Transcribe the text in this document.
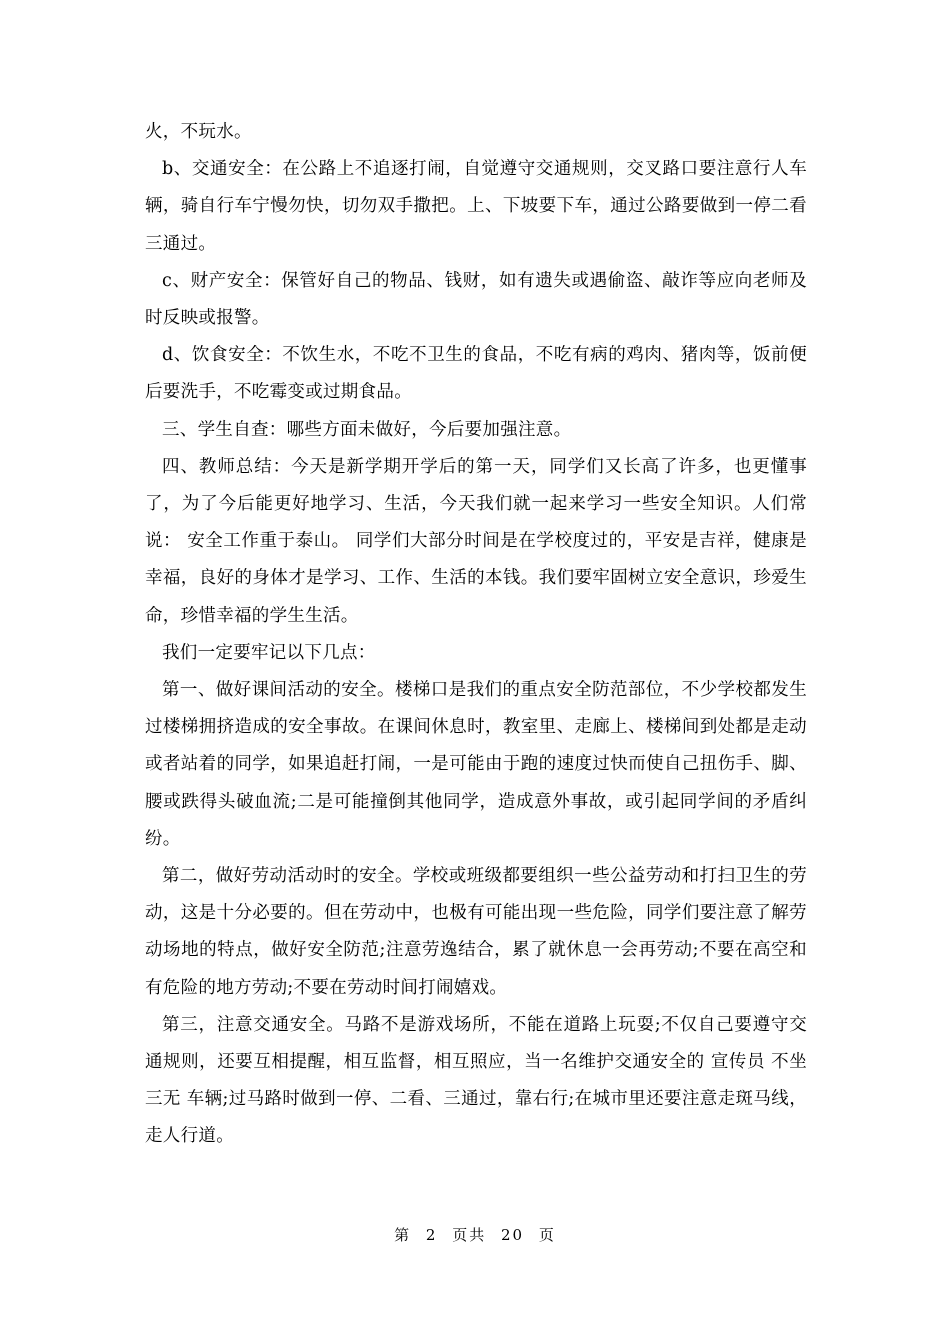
火，不玩水。

b、交通安全：在公路上不追逐打闹，自觉遵守交通规则，交叉路口要注意行人车辆，骑自行车宁慢勿快，切勿双手撒把。上、下坡要下车，通过公路要做到一停二看三通过。

c、财产安全：保管好自己的物品、钱财，如有遗失或遇偷盗、敲诈等应向老师及时反映或报警。

d、饮食安全：不饮生水，不吃不卫生的食品，不吃有病的鸡肉、猪肉等，饭前便后要洗手，不吃霉变或过期食品。

三、学生自查：哪些方面未做好，今后要加强注意。

四、教师总结：今天是新学期开学后的第一天，同学们又长高了许多，也更懂事了，为了今后能更好地学习、生活，今天我们就一起来学习一些安全知识。人们常说： 安全工作重于泰山。 同学们大部分时间是在学校度过的，平安是吉祥，健康是幸福，良好的身体才是学习、工作、生活的本钱。我们要牢固树立安全意识，珍爱生命，珍惜幸福的学生生活。

我们一定要牢记以下几点：

第一、做好课间活动的安全。楼梯口是我们的重点安全防范部位，不少学校都发生过楼梯拥挤造成的安全事故。在课间休息时，教室里、走廊上、楼梯间到处都是走动或者站着的同学，如果追赶打闹，一是可能由于跑的速度过快而使自己扭伤手、脚、腰或跌得头破血流;二是可能撞倒其他同学，造成意外事故，或引起同学间的矛盾纠纷。

第二，做好劳动活动时的安全。学校或班级都要组织一些公益劳动和打扫卫生的劳动，这是十分必要的。但在劳动中，也极有可能出现一些危险，同学们要注意了解劳动场地的特点，做好安全防范;注意劳逸结合，累了就休息一会再劳动;不要在高空和有危险的地方劳动;不要在劳动时间打闹嬉戏。

第三，注意交通安全。马路不是游戏场所，不能在道路上玩耍;不仅自己要遵守交通规则，还要互相提醒，相互监督，相互照应，当一名维护交通安全的 宣传员 不坐 三无 车辆;过马路时做到一停、二看、三通过，靠右行;在城市里还要注意走斑马线，走人行道。

第 2 页共 20 页
